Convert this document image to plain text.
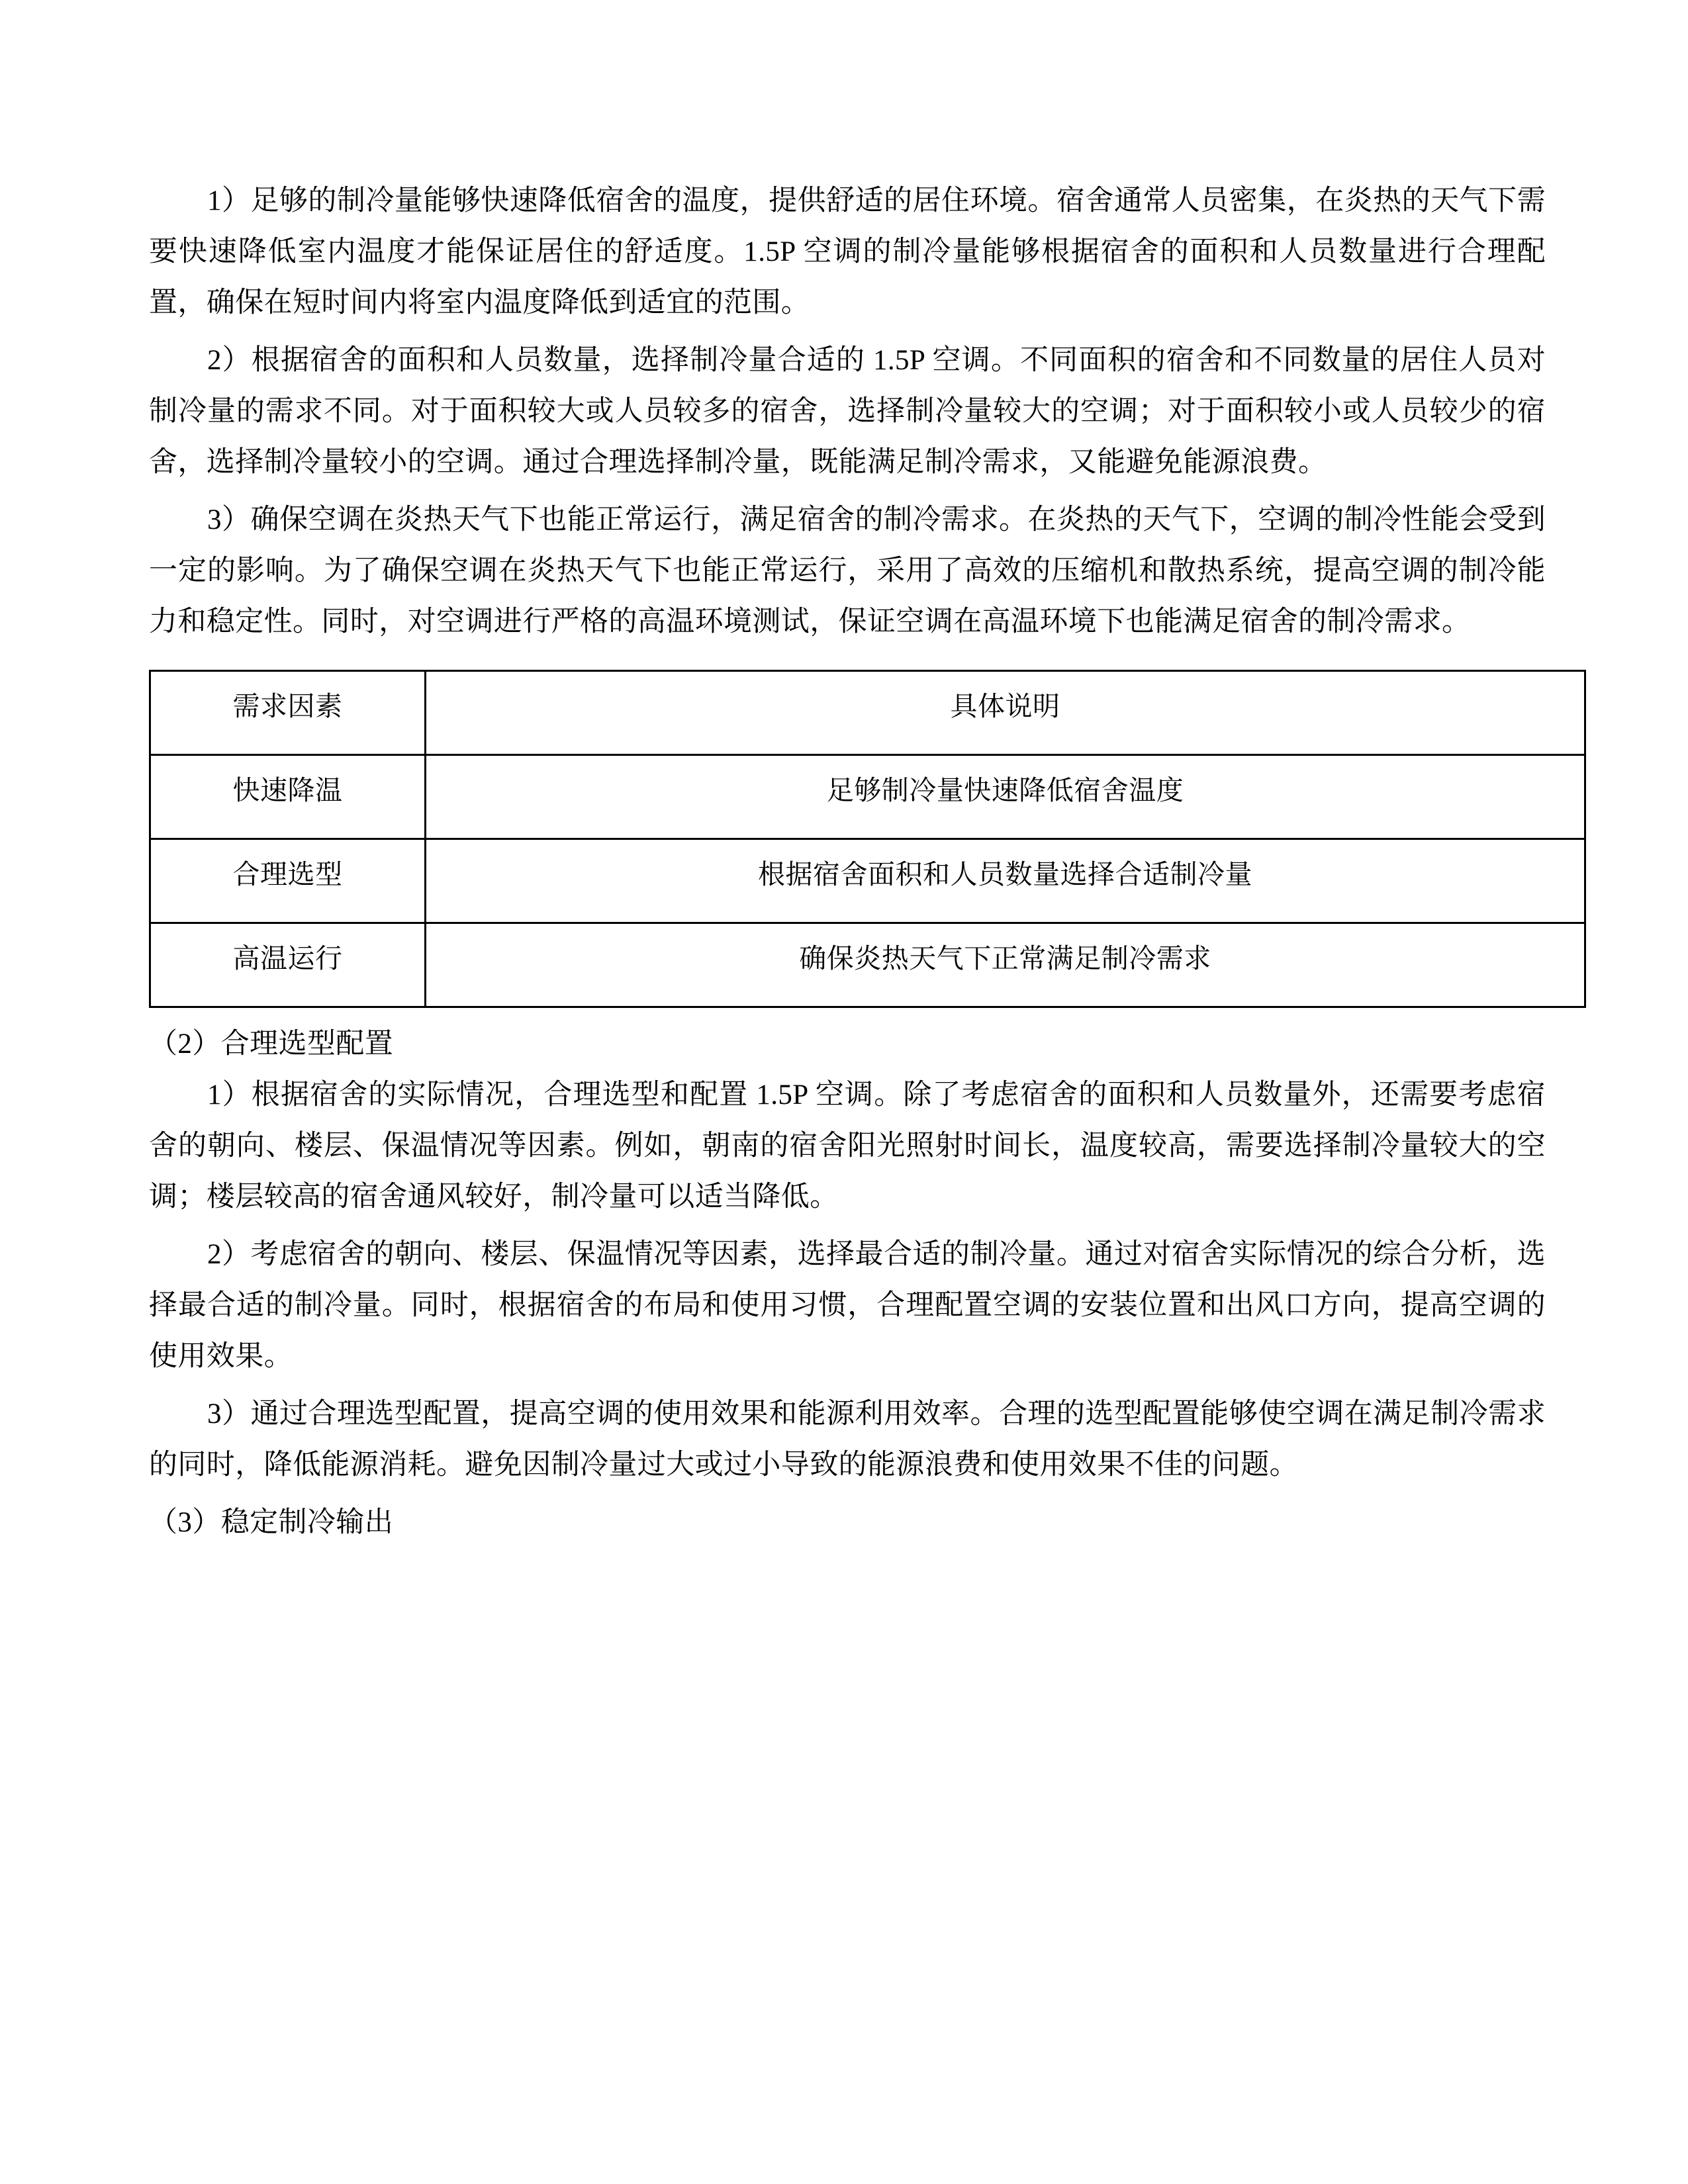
1）足够的制冷量能够快速降低宿舍的温度，提供舒适的居住环境。宿舍通常人员密集，在炎热的天气下需要快速降低室内温度才能保证居住的舒适度。1.5P 空调的制冷量能够根据宿舍的面积和人员数量进行合理配置，确保在短时间内将室内温度降低到适宜的范围。

2）根据宿舍的面积和人员数量，选择制冷量合适的 1.5P 空调。不同面积的宿舍和不同数量的居住人员对制冷量的需求不同。对于面积较大或人员较多的宿舍，选择制冷量较大的空调；对于面积较小或人员较少的宿舍，选择制冷量较小的空调。通过合理选择制冷量，既能满足制冷需求，又能避免能源浪费。

3）确保空调在炎热天气下也能正常运行，满足宿舍的制冷需求。在炎热的天气下，空调的制冷性能会受到一定的影响。为了确保空调在炎热天气下也能正常运行，采用了高效的压缩机和散热系统，提高空调的制冷能力和稳定性。同时，对空调进行严格的高温环境测试，保证空调在高温环境下也能满足宿舍的制冷需求。

需求因素	具体说明
快速降温	足够制冷量快速降低宿舍温度
合理选型	根据宿舍面积和人员数量选择合适制冷量
高温运行	确保炎热天气下正常满足制冷需求

（2）合理选型配置

1）根据宿舍的实际情况，合理选型和配置 1.5P 空调。除了考虑宿舍的面积和人员数量外，还需要考虑宿舍的朝向、楼层、保温情况等因素。例如，朝南的宿舍阳光照射时间长，温度较高，需要选择制冷量较大的空调；楼层较高的宿舍通风较好，制冷量可以适当降低。

2）考虑宿舍的朝向、楼层、保温情况等因素，选择最合适的制冷量。通过对宿舍实际情况的综合分析，选择最合适的制冷量。同时，根据宿舍的布局和使用习惯，合理配置空调的安装位置和出风口方向，提高空调的使用效果。

3）通过合理选型配置，提高空调的使用效果和能源利用效率。合理的选型配置能够使空调在满足制冷需求的同时，降低能源消耗。避免因制冷量过大或过小导致的能源浪费和使用效果不佳的问题。

（3）稳定制冷输出
